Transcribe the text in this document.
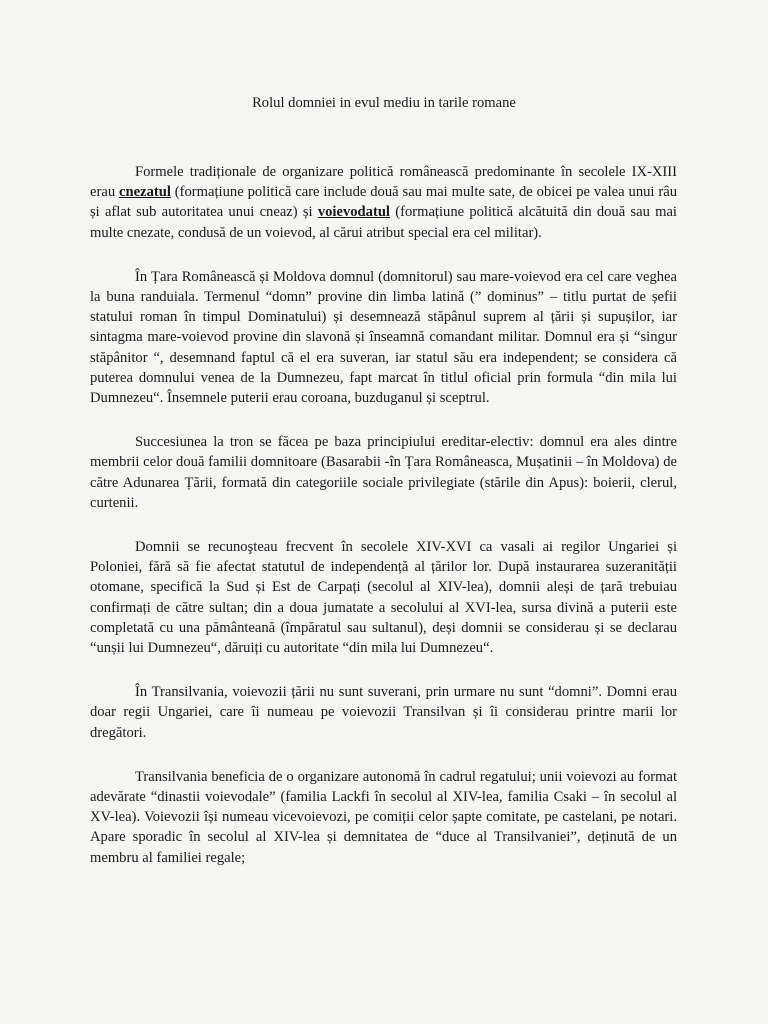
Rolul domniei in evul mediu in tarile romane

Formele tradiționale de organizare politică românească predominante în secolele IX-XIII erau cnezatul (formațiune politică care include două sau mai multe sate, de obicei pe valea unui râu și aflat sub autoritatea unui cneaz) și voievodatul (formațiune politică alcătuită din două sau mai multe cnezate, condusă de un voievod, al cărui atribut special era cel militar).

În Țara Românească și Moldova domnul (domnitorul) sau mare-voievod era cel care veghea la buna randuiala. Termenul “domn” provine din limba latină (” dominus” – titlu purtat de șefii statului roman în timpul Dominatului) și desemnează stăpânul suprem al țării și supușilor, iar sintagma mare-voievod provine din slavonă și înseamnă comandant militar. Domnul era și “singur stăpânitor “, desemnand faptul că el era suveran, iar statul său era independent; se considera că puterea domnului venea de la Dumnezeu, fapt marcat în titlul oficial prin formula “din mila lui Dumnezeu“. Însemnele puterii erau coroana, buzduganul și sceptrul.

Succesiunea la tron se făcea pe baza principiului ereditar-electiv: domnul era ales dintre membrii celor două familii domnitoare (Basarabii -în Țara Româneasca, Mușatinii – în Moldova) de către Adunarea Țării, formată din categoriile sociale privilegiate (stările din Apus): boierii, clerul, curtenii.

Domnii se recunoşteau frecvent în secolele XIV-XVI ca vasali ai regilor Ungariei și Poloniei, fără să fie afectat statutul de independență al țărilor lor. După instaurarea suzeranității otomane, specifică la Sud și Est de Carpați (secolul al XIV-lea), domnii aleși de țară trebuiau confirmați de către sultan; din a doua jumatate a secolului al XVI-lea, sursa divină a puterii este completată cu una pământeană (împăratul sau sultanul), deși domnii se considerau și se declarau “unșii lui Dumnezeu“, dăruiți cu autoritate “din mila lui Dumnezeu“.

În Transilvania, voievozii țării nu sunt suverani, prin urmare nu sunt “domni”. Domni erau doar regii Ungariei, care îi numeau pe voievozii Transilvan și îi considerau printre marii lor dregători.

Transilvania beneficia de o organizare autonomă în cadrul regatului; unii voievozi au format adevărate “dinastii voievodale” (familia Lackfi în secolul al XIV-lea, familia Csaki – în secolul al XV-lea). Voievozii își numeau vicevoievozi, pe comiții celor șapte comitate, pe castelani, pe notari. Apare sporadic în secolul al XIV-lea și demnitatea de “duce al Transilvaniei”, deținută de un membru al familiei regale;
